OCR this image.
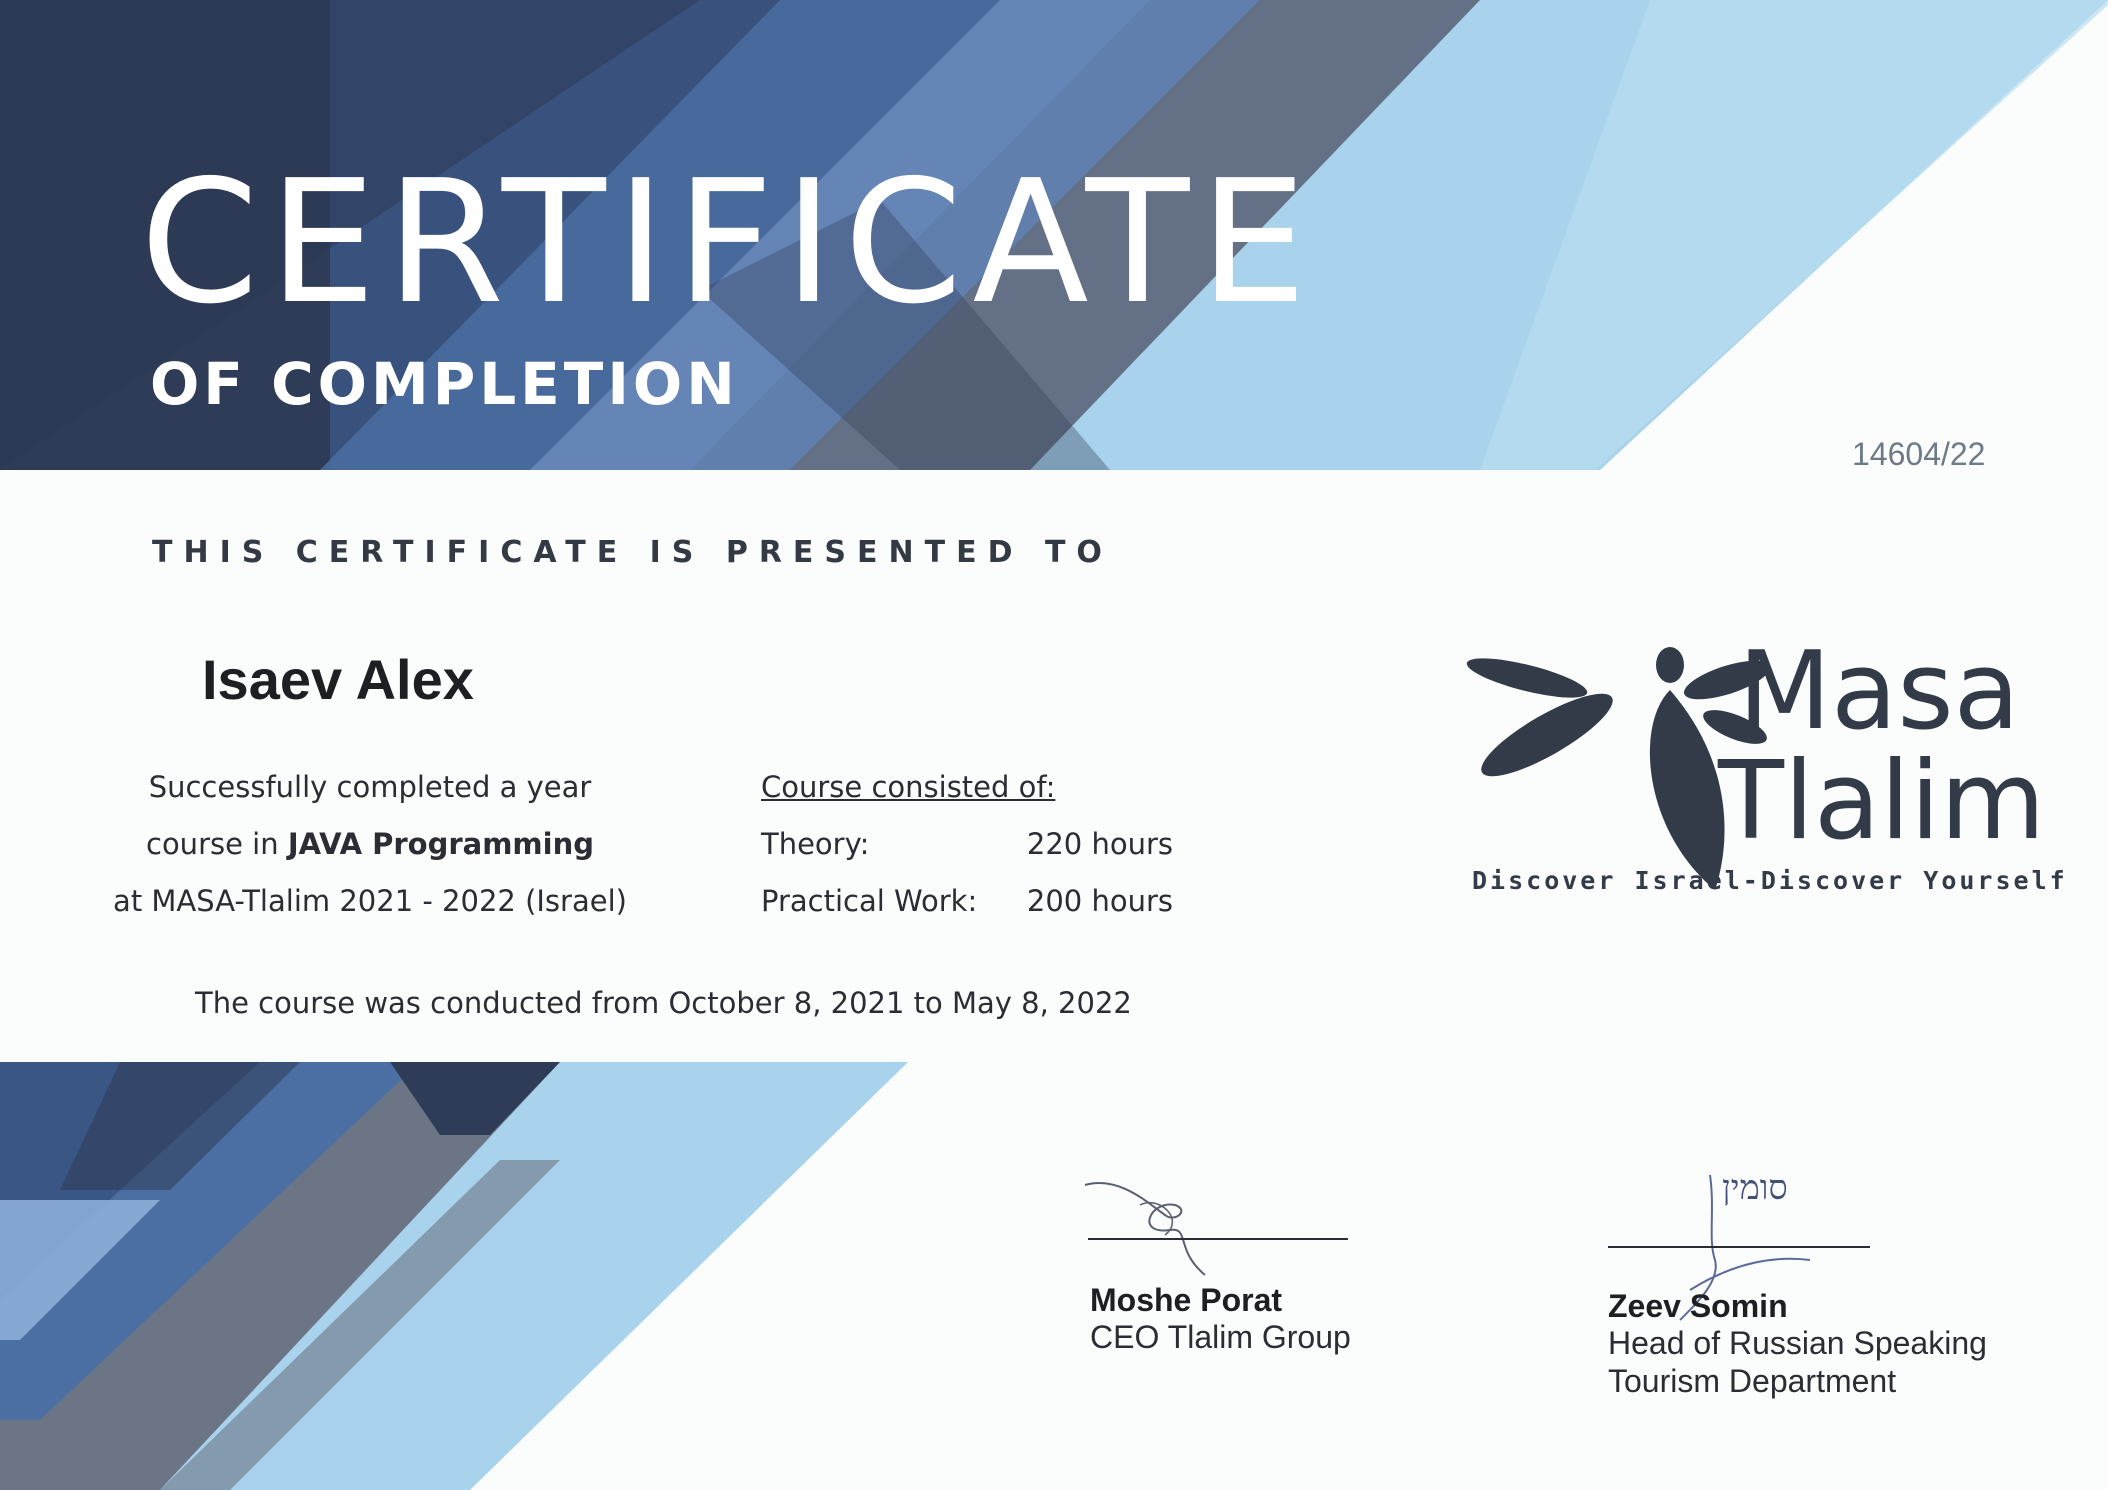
CERTIFICATE
OF COMPLETION
14604/22
THIS CERTIFICATE IS PRESENTED TO
Isaev Alex
Successfully completed a year
course in JAVA Programming
at MASA-Tlalim 2021 - 2022 (Israel)
Course consisted of:
Theory:	220 hours
Practical Work:	200 hours
The course was conducted from October 8, 2021 to May 8, 2022
Masa
Tlalim
Discover Israel-Discover Yourself
Moshe Porat
CEO Tlalim Group
סומין
Zeev Somin
Head of Russian Speaking
Tourism Department
